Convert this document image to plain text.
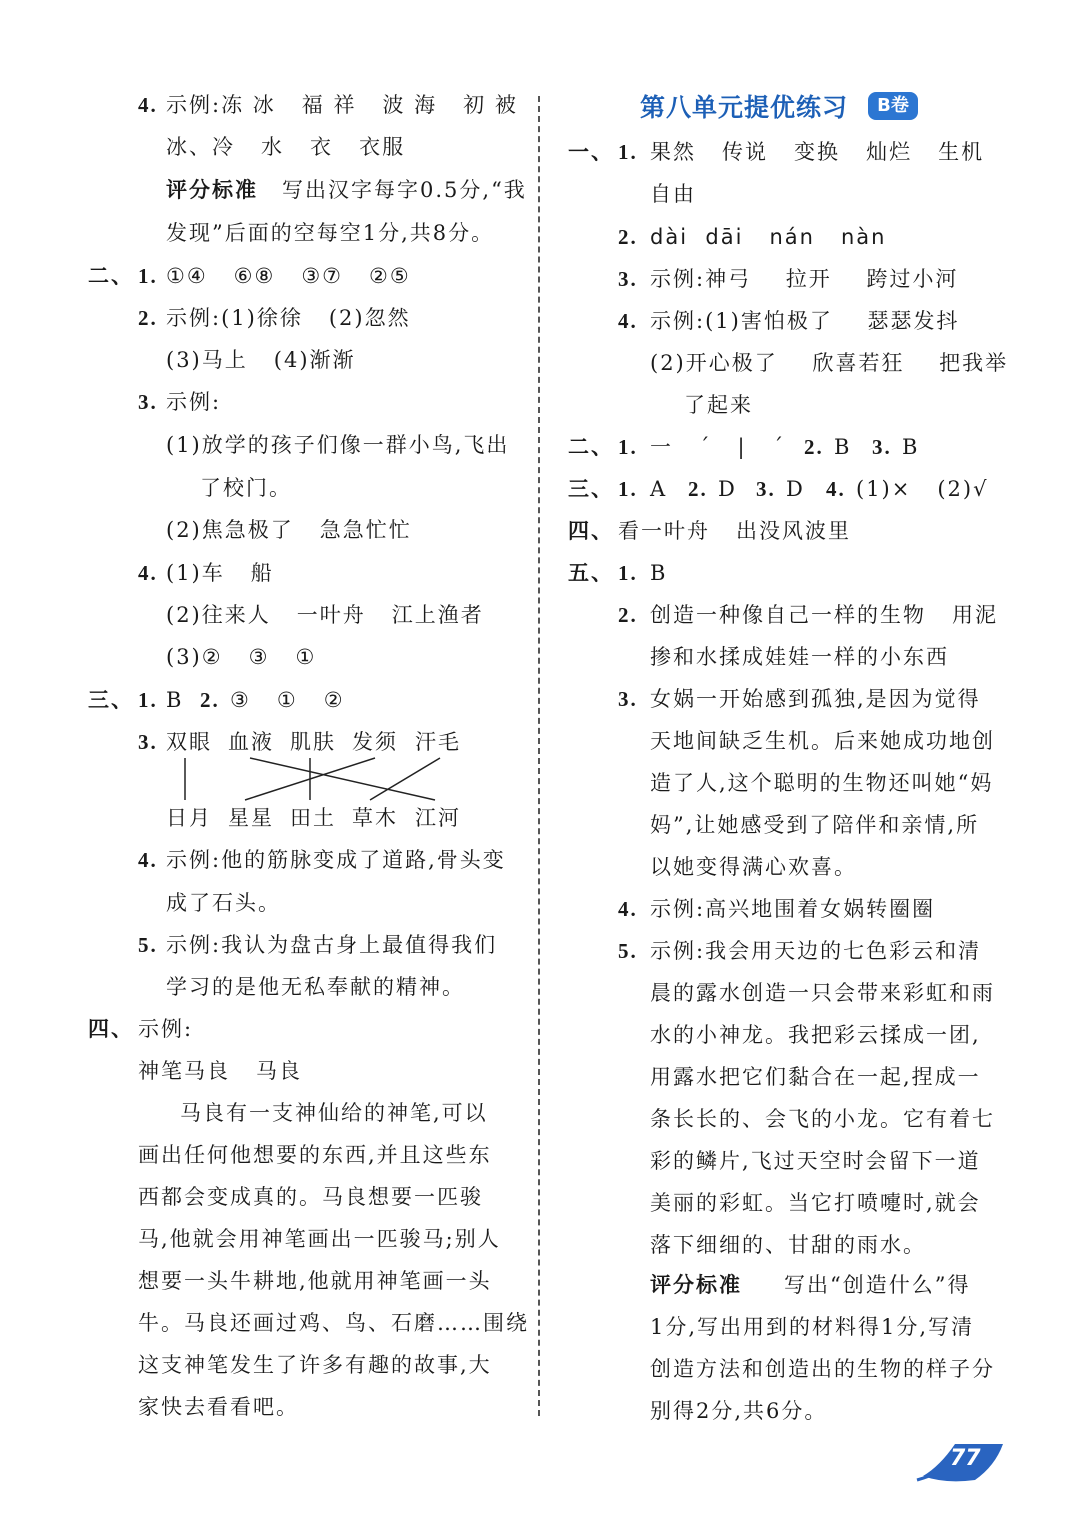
4. 示例:冻 冰   福 祥   波 海   初 被
冰、冷   水   衣   衣服
评分标准 写出汉字每字0.5分,“我
发现”后面的空每空1分,共8分。
二、 1. ①④   ⑥⑧   ③⑦   ②⑤
2. 示例:(1)徐徐   (2)忽然
(3)马上   (4)渐渐
3. 示例:
(1)放学的孩子们像一群小鸟,飞出
了校门。
(2)焦急极了   急急忙忙
4. (1)车   船
(2)往来人   一叶舟   江上渔者
(3)②   ③   ①
三、 1. B 2. ③   ①   ②
3. 双眼 血液 肌肤 发须 汗毛
日月 星星 田土 草木 江河
4. 示例:他的筋脉变成了道路,骨头变
成了石头。
5. 示例:我认为盘古身上最值得我们
学习的是他无私奉献的精神。
四、 示例:
神笔马良   马良
马良有一支神仙给的神笔,可以
画出任何他想要的东西,并且这些东
西都会变成真的。马良想要一匹骏
马,他就会用神笔画出一匹骏马;别人
想要一头牛耕地,他就用神笔画一头
牛。马良还画过鸡、鸟、石磨……围绕
这支神笔发生了许多有趣的故事,大
家快去看看吧。
第八单元提优练习	B卷
一、 1. 果然   传说   变换   灿烂   生机
自由
2. dài  dāi   nán   nàn
3. 示例:神弓    拉开    跨过小河
4. 示例:(1)害怕极了    瑟瑟发抖
(2)开心极了    欣喜若狂    把我举
了起来
二、 1. 一   ˊ   |   ˊ 2. B 3. B
三、 1. A 2. D 3. D 4. (1)×   (2)√
四、 看一叶舟   出没风波里
五、 1. B
2. 创造一种像自己一样的生物   用泥
掺和水揉成娃娃一样的小东西
3. 女娲一开始感到孤独,是因为觉得
天地间缺乏生机。后来她成功地创
造了人,这个聪明的生物还叫她“妈
妈”,让她感受到了陪伴和亲情,所
以她变得满心欢喜。
4. 示例:高兴地围着女娲转圈圈
5. 示例:我会用天边的七色彩云和清
晨的露水创造一只会带来彩虹和雨
水的小神龙。我把彩云揉成一团,
用露水把它们黏合在一起,捏成一
条长长的、会飞的小龙。它有着七
彩的鳞片,飞过天空时会留下一道
美丽的彩虹。当它打喷嚏时,就会
落下细细的、甘甜的雨水。
评分标准 写出“创造什么”得
1分,写出用到的材料得1分,写清
创造方法和创造出的生物的样子分
别得2分,共6分。
77
